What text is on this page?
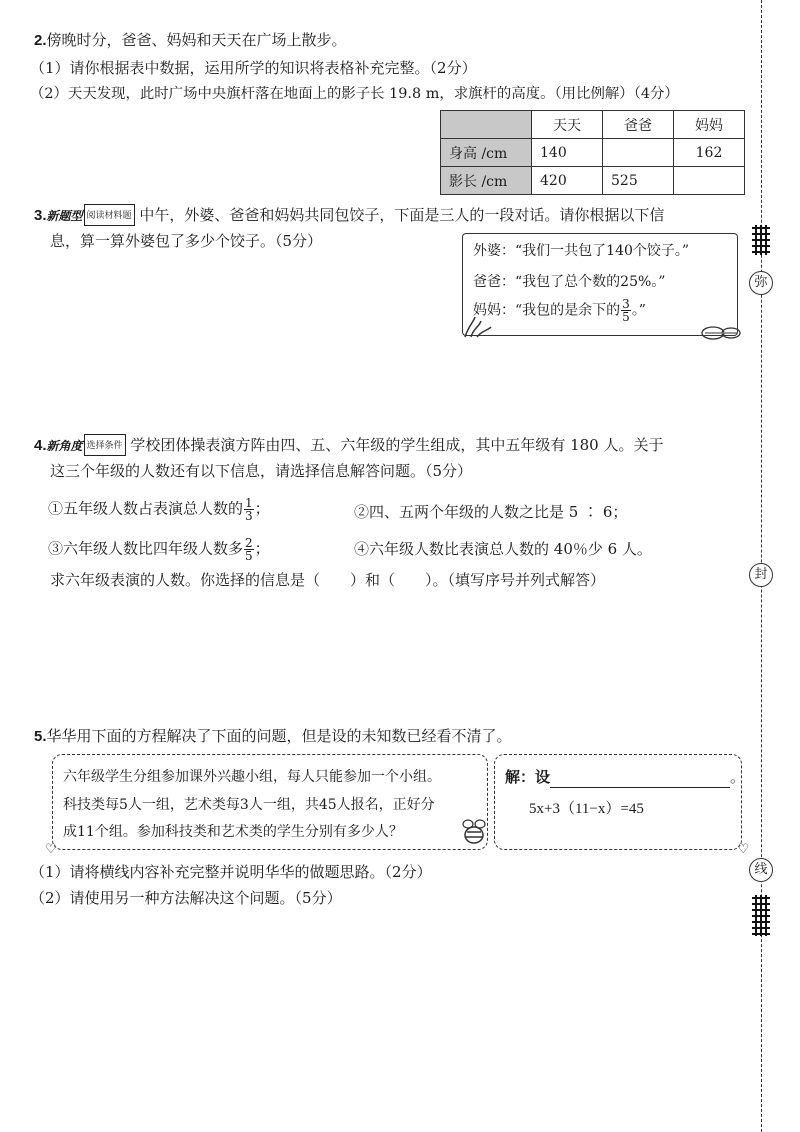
2.傍晚时分，爸爸、妈妈和天天在广场上散步。
（1）请你根据表中数据，运用所学的知识将表格补充完整。（2分）
（2）天天发现，此时广场中央旗杆落在地面上的影子长 19.8 m，求旗杆的高度。（用比例解）（4分）
	天天	爸爸	妈妈
身高 /cm	140		162
影长 /cm	420	525	
3.新题型 阅读材料题 中午，外婆、爸爸和妈妈共同包饺子，下面是三人的一段对话。请你根据以下信
息，算一算外婆包了多少个饺子。（5分）
外婆：“我们一共包了140个饺子。”
爸爸：“我包了总个数的25%。”
妈妈：“我包的是余下的 $\frac{3}{5}$ 。”
4.新角度 选择条件 学校团体操表演方阵由四、五、六年级的学生组成，其中五年级有 180 人。关于
这三个年级的人数还有以下信息，请选择信息解答问题。（5分）
①五年级人数占表演总人数的 $\frac{1}{3}$ ；	②四、五两个年级的人数之比是 5 ∶ 6；
③六年级人数比四年级人数多 $\frac{2}{5}$ ；	④六年级人数比表演总人数的 40％少 6 人。
求六年级表演的人数。你选择的信息是（　　）和（　　）。（填写序号并列式解答）
5.华华用下面的方程解决了下面的问题，但是设的未知数已经看不清了。
六年级学生分组参加课外兴趣小组，每人只能参加一个小组。
科技类每5人一组，艺术类每3人一组，共45人报名，正好分
成11个组。参加科技类和艺术类的学生分别有多少人？
♡
解：设	。
5x+3（11−x）=45
♡
（1）请将横线内容补充完整并说明华华的做题思路。（2分）
（2）请使用另一种方法解决这个问题。（5分）
弥
封
线
